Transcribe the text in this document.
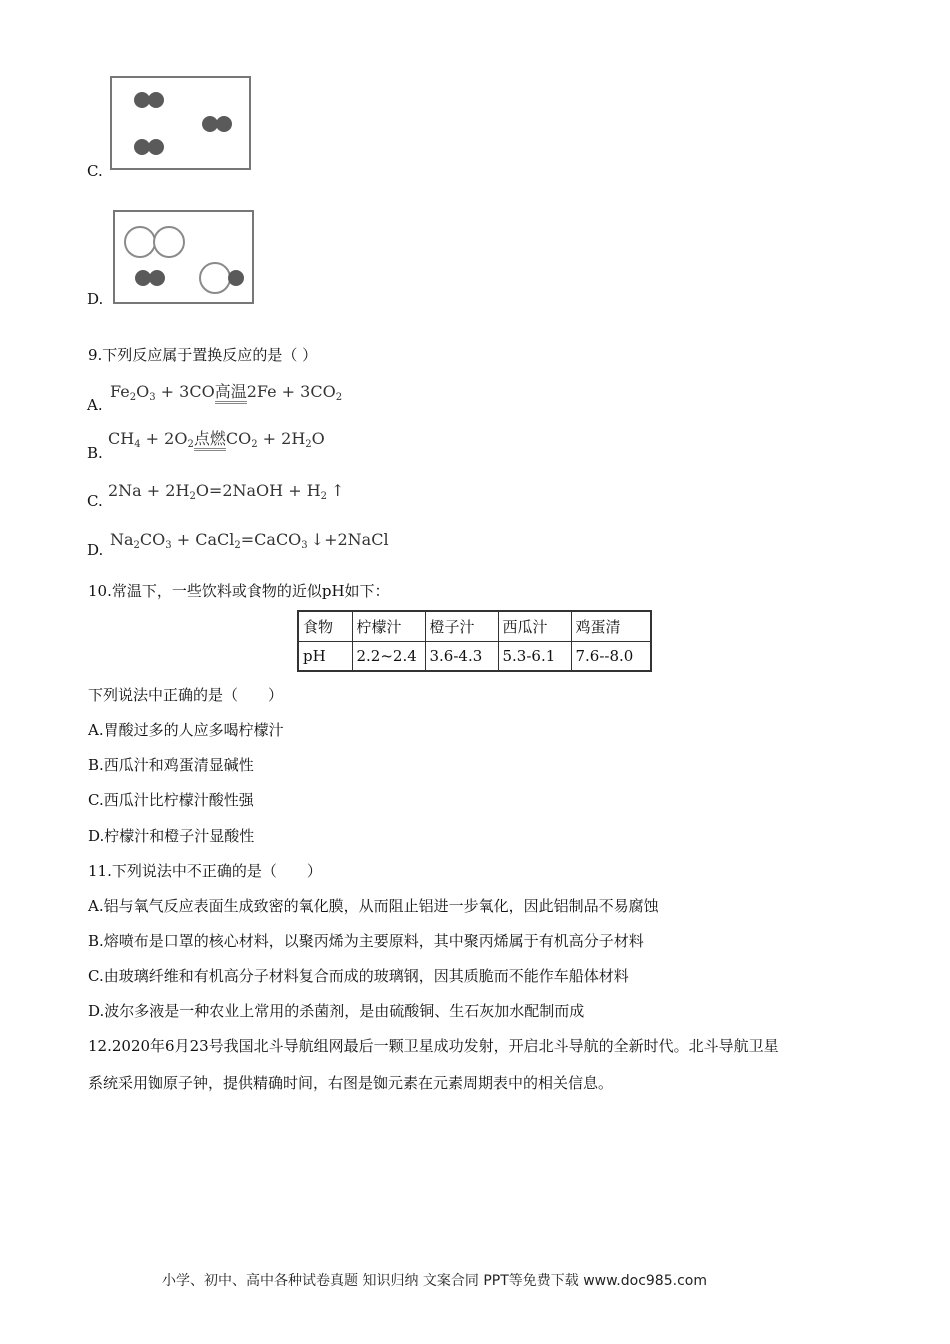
C.
D.
9.下列反应属于置换反应的是（ ）
A.
$Fe_2O_3 + 3CO$高温$2Fe + 3CO_2$
B.
$CH_4 + 2O_2$点燃$CO_2 + 2H_2O$
C.
$2Na + 2H_2O=2NaOH + H_2$ ↑
D.
$Na_2CO_3$ + CaCl$_2$=CaCO$_3$ ↓+2NaCl
10.常温下，一些饮料或食物的近似pH如下：
食物	柠檬汁	橙子汁	西瓜汁	鸡蛋清
pH	2.2~2.4	3.6-4.3	5.3-6.1	7.6--8.0
下列说法中正确的是（　　）
A.胃酸过多的人应多喝柠檬汁
B.西瓜汁和鸡蛋清显碱性
C.西瓜汁比柠檬汁酸性强
D.柠檬汁和橙子汁显酸性
11.下列说法中不正确的是（　　）
A.铝与氧气反应表面生成致密的氧化膜，从而阻止铝进一步氧化，因此铝制品不易腐蚀
B.熔喷布是口罩的核心材料，以聚丙烯为主要原料，其中聚丙烯属于有机高分子材料
C.由玻璃纤维和有机高分子材料复合而成的玻璃钢，因其质脆而不能作车船体材料
D.波尔多液是一种农业上常用的杀菌剂，是由硫酸铜、生石灰加水配制而成
12.2020年6月23号我国北斗导航组网最后一颗卫星成功发射，开启北斗导航的全新时代。北斗导航卫星
系统采用铷原子钟，提供精确时间，右图是铷元素在元素周期表中的相关信息。
小学、初中、高中各种试卷真题 知识归纳 文案合同 PPT等免费下载 www.doc985.com
